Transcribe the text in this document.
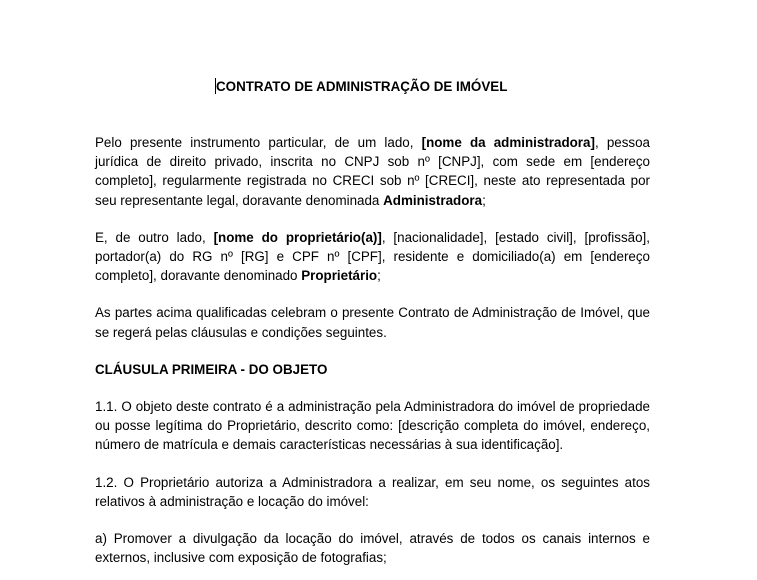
CONTRATO DE ADMINISTRAÇÃO DE IMÓVEL

Pelo presente instrumento particular, de um lado, [nome da administradora], pessoa jurídica de direito privado, inscrita no CNPJ sob nº [CNPJ], com sede em [endereço completo], regularmente registrada no CRECI sob nº [CRECI], neste ato representada por seu representante legal, doravante denominada Administradora;

E, de outro lado, [nome do proprietário(a)], [nacionalidade], [estado civil], [profissão], portador(a) do RG nº [RG] e CPF nº [CPF], residente e domiciliado(a) em [endereço completo], doravante denominado Proprietário;

As partes acima qualificadas celebram o presente Contrato de Administração de Imóvel, que se regerá pelas cláusulas e condições seguintes.

CLÁUSULA PRIMEIRA - DO OBJETO

1.1. O objeto deste contrato é a administração pela Administradora do imóvel de propriedade ou posse legítima do Proprietário, descrito como: [descrição completa do imóvel, endereço, número de matrícula e demais características necessárias à sua identificação].

1.2. O Proprietário autoriza a Administradora a realizar, em seu nome, os seguintes atos relativos à administração e locação do imóvel:

a) Promover a divulgação da locação do imóvel, através de todos os canais internos e externos, inclusive com exposição de fotografias;
